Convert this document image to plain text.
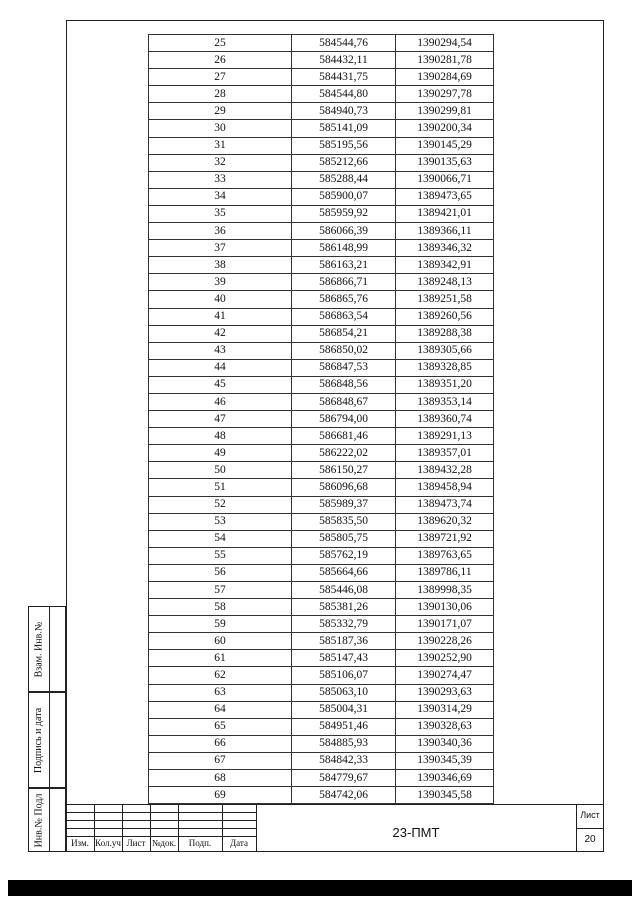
25	584544,76	1390294,54	
26	584432,11	1390281,78	
27	584431,75	1390284,69	
28	584544,80	1390297,78	
29	584940,73	1390299,81	
30	585141,09	1390200,34	
31	585195,56	1390145,29	
32	585212,66	1390135,63	
33	585288,44	1390066,71	
34	585900,07	1389473,65	
35	585959,92	1389421,01	
36	586066,39	1389366,11	
37	586148,99	1389346,32	
38	586163,21	1389342,91	
39	586866,71	1389248,13	
40	586865,76	1389251,58	
41	586863,54	1389260,56	
42	586854,21	1389288,38	
43	586850,02	1389305,66	
44	586847,53	1389328,85	
45	586848,56	1389351,20	
46	586848,67	1389353,14	
47	586794,00	1389360,74	
48	586681,46	1389291,13	
49	586222,02	1389357,01	
50	586150,27	1389432,28	
51	586096,68	1389458,94	
52	585989,37	1389473,74	
53	585835,50	1389620,32	
54	585805,75	1389721,92	
55	585762,19	1389763,65	
56	585664,66	1389786,11	
57	585446,08	1389998,35	
58	585381,26	1390130,06	
59	585332,79	1390171,07	
60	585187,36	1390228,26	
61	585147,43	1390252,90	
62	585106,07	1390274,47	
63	585063,10	1390293,63	
64	585004,31	1390314,29	
65	584951,46	1390328,63	
66	584885,93	1390340,36	
67	584842,33	1390345,39	
68	584779,67	1390346,69	
69	584742,06	1390345,58	
Взам. Инв.№
Подпись и дата
Инв.№ Подл	Изм. Кол.уч Лист №док.	Подп.	Дата
23-ПМТ
Лист
20
